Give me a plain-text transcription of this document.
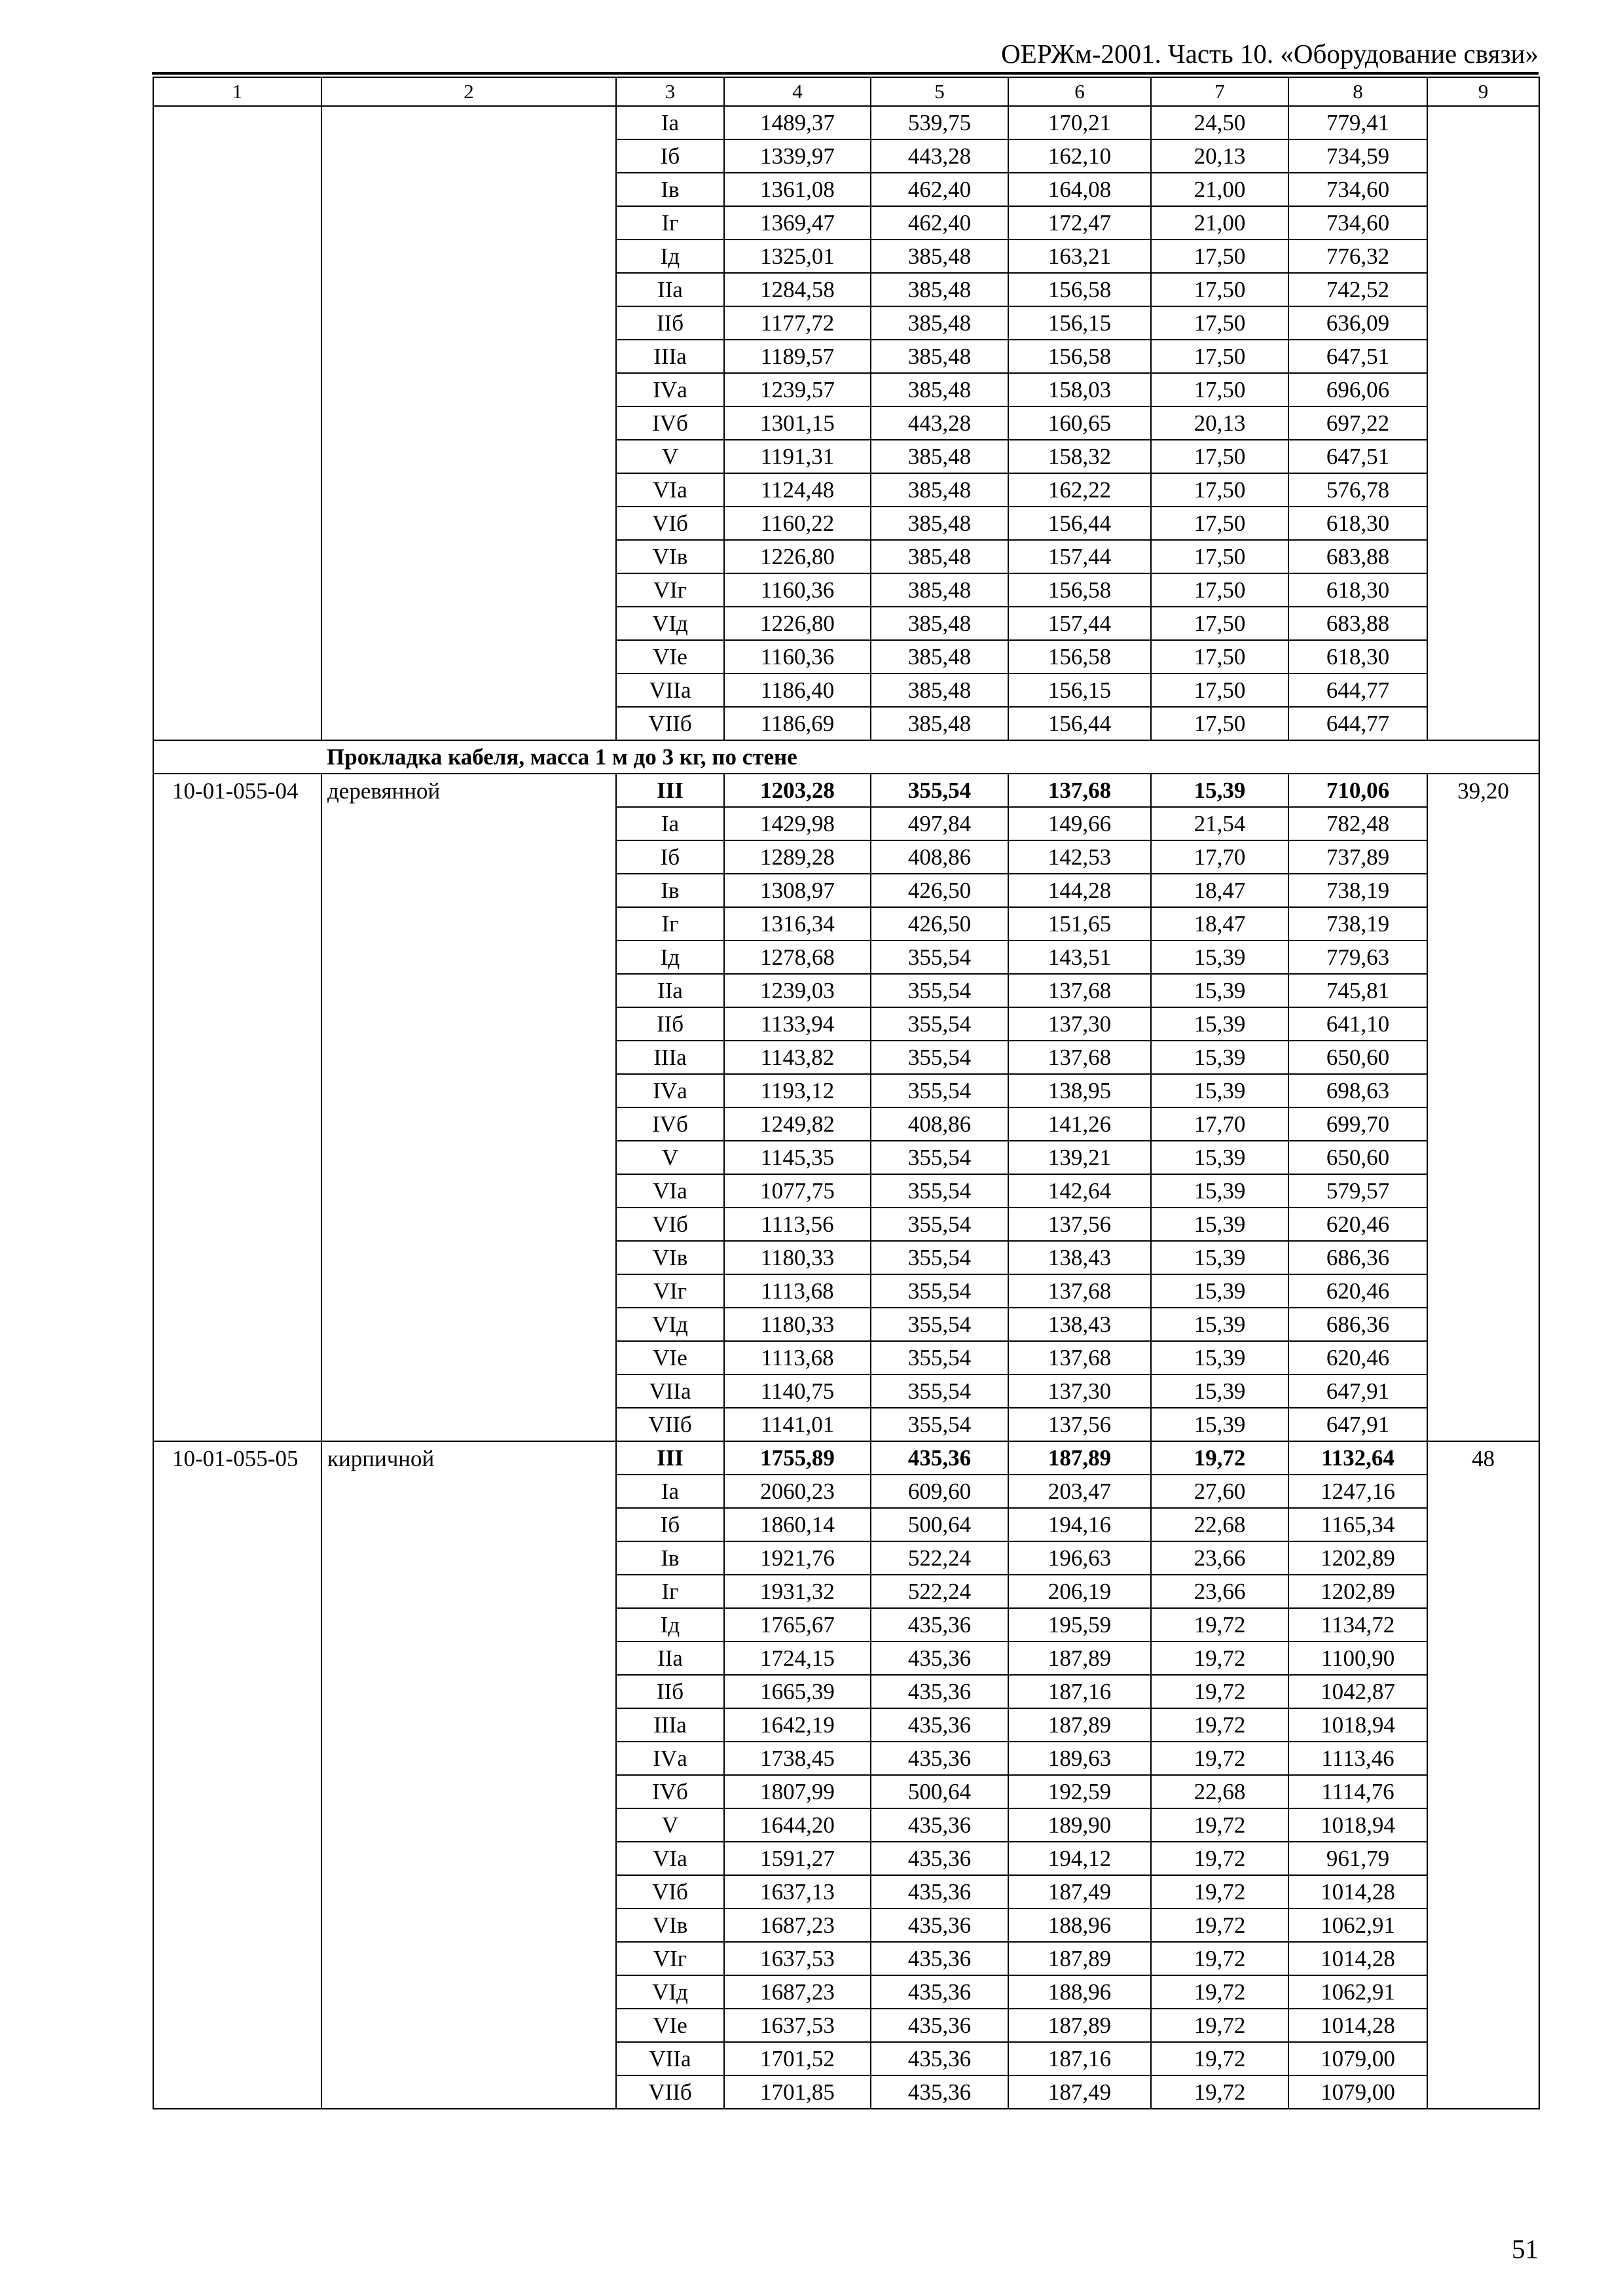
ОЕРЖм-2001. Часть 10. «Оборудование связи»
1	2	3	4	5	6	7	8	9
		Iа	1489,37	539,75	170,21	24,50	779,41	
		Iб	1339,97	443,28	162,10	20,13	734,59	
		Iв	1361,08	462,40	164,08	21,00	734,60	
		Iг	1369,47	462,40	172,47	21,00	734,60	
		Iд	1325,01	385,48	163,21	17,50	776,32	
		IIа	1284,58	385,48	156,58	17,50	742,52	
		IIб	1177,72	385,48	156,15	17,50	636,09	
		IIIа	1189,57	385,48	156,58	17,50	647,51	
		IVа	1239,57	385,48	158,03	17,50	696,06	
		IVб	1301,15	443,28	160,65	20,13	697,22	
		V	1191,31	385,48	158,32	17,50	647,51	
		VIа	1124,48	385,48	162,22	17,50	576,78	
		VIб	1160,22	385,48	156,44	17,50	618,30	
		VIв	1226,80	385,48	157,44	17,50	683,88	
		VIг	1160,36	385,48	156,58	17,50	618,30	
		VIд	1226,80	385,48	157,44	17,50	683,88	
		VIе	1160,36	385,48	156,58	17,50	618,30	
		VIIа	1186,40	385,48	156,15	17,50	644,77	
		VIIб	1186,69	385,48	156,44	17,50	644,77	
Прокладка кабеля, масса 1 м до 3 кг, по стене								
10-01-055-04	деревянной	III	1203,28	355,54	137,68	15,39	710,06	39,20
		Iа	1429,98	497,84	149,66	21,54	782,48	
		Iб	1289,28	408,86	142,53	17,70	737,89	
		Iв	1308,97	426,50	144,28	18,47	738,19	
		Iг	1316,34	426,50	151,65	18,47	738,19	
		Iд	1278,68	355,54	143,51	15,39	779,63	
		IIа	1239,03	355,54	137,68	15,39	745,81	
		IIб	1133,94	355,54	137,30	15,39	641,10	
		IIIа	1143,82	355,54	137,68	15,39	650,60	
		IVа	1193,12	355,54	138,95	15,39	698,63	
		IVб	1249,82	408,86	141,26	17,70	699,70	
		V	1145,35	355,54	139,21	15,39	650,60	
		VIа	1077,75	355,54	142,64	15,39	579,57	
		VIб	1113,56	355,54	137,56	15,39	620,46	
		VIв	1180,33	355,54	138,43	15,39	686,36	
		VIг	1113,68	355,54	137,68	15,39	620,46	
		VIд	1180,33	355,54	138,43	15,39	686,36	
		VIе	1113,68	355,54	137,68	15,39	620,46	
		VIIа	1140,75	355,54	137,30	15,39	647,91	
		VIIб	1141,01	355,54	137,56	15,39	647,91	
10-01-055-05	кирпичной	III	1755,89	435,36	187,89	19,72	1132,64	48
		Iа	2060,23	609,60	203,47	27,60	1247,16	
		Iб	1860,14	500,64	194,16	22,68	1165,34	
		Iв	1921,76	522,24	196,63	23,66	1202,89	
		Iг	1931,32	522,24	206,19	23,66	1202,89	
		Iд	1765,67	435,36	195,59	19,72	1134,72	
		IIа	1724,15	435,36	187,89	19,72	1100,90	
		IIб	1665,39	435,36	187,16	19,72	1042,87	
		IIIа	1642,19	435,36	187,89	19,72	1018,94	
		IVа	1738,45	435,36	189,63	19,72	1113,46	
		IVб	1807,99	500,64	192,59	22,68	1114,76	
		V	1644,20	435,36	189,90	19,72	1018,94	
		VIа	1591,27	435,36	194,12	19,72	961,79	
		VIб	1637,13	435,36	187,49	19,72	1014,28	
		VIв	1687,23	435,36	188,96	19,72	1062,91	
		VIг	1637,53	435,36	187,89	19,72	1014,28	
		VIд	1687,23	435,36	188,96	19,72	1062,91	
		VIе	1637,53	435,36	187,89	19,72	1014,28	
		VIIа	1701,52	435,36	187,16	19,72	1079,00	
		VIIб	1701,85	435,36	187,49	19,72	1079,00	
51
